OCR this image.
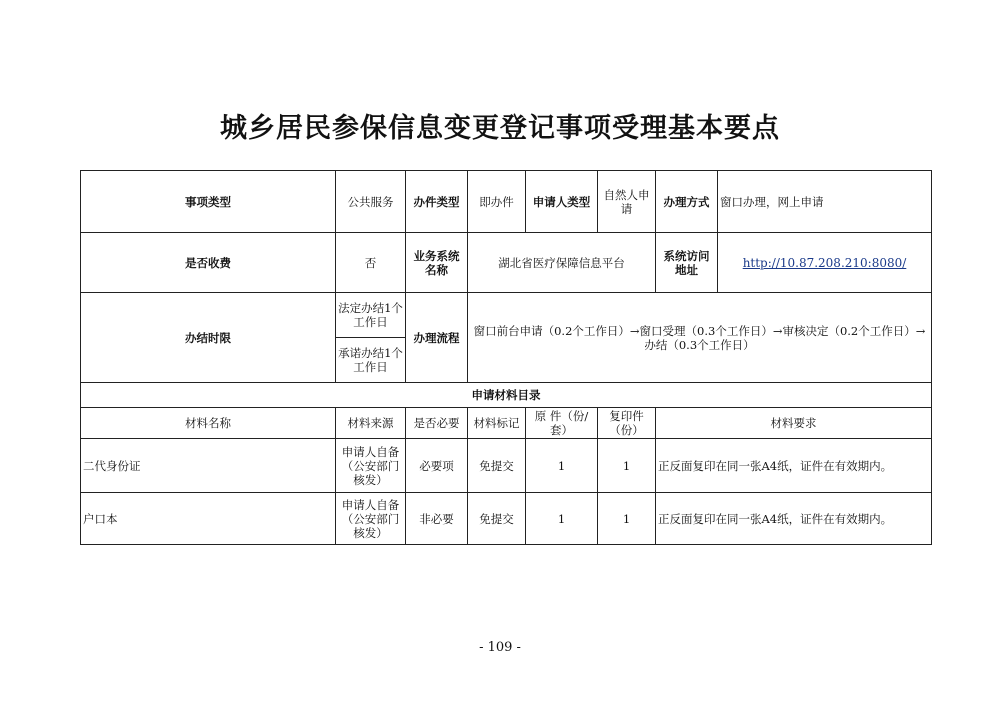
城乡居民参保信息变更登记事项受理基本要点
事项类型	公共服务	办件类型	即办件	申请人类型	自然人申请	办理方式	窗口办理，网上申请
是否收费	否	业务系统名称	湖北省医疗保障信息平台			系统访问地址	http://10.87.208.210:8080/
办结时限	法定办结1个工作日	办理流程	窗口前台申请（0.2个工作日）→窗口受理（0.3个工作日）→审核决定（0.2个工作日）→办结（0.3个工作日）				
	承诺办结1个工作日						
申请材料目录							
材料名称	材料来源	是否必要	材料标记	原 件（份/套）	复印件（份）	材料要求	
二代身份证	申请人自备（公安部门核发）	必要项	免提交	1	1	正反面复印在同一张A4纸，证件在有效期内。	
户口本	申请人自备（公安部门核发）	非必要	免提交	1	1	正反面复印在同一张A4纸，证件在有效期内。	
- 109 -
